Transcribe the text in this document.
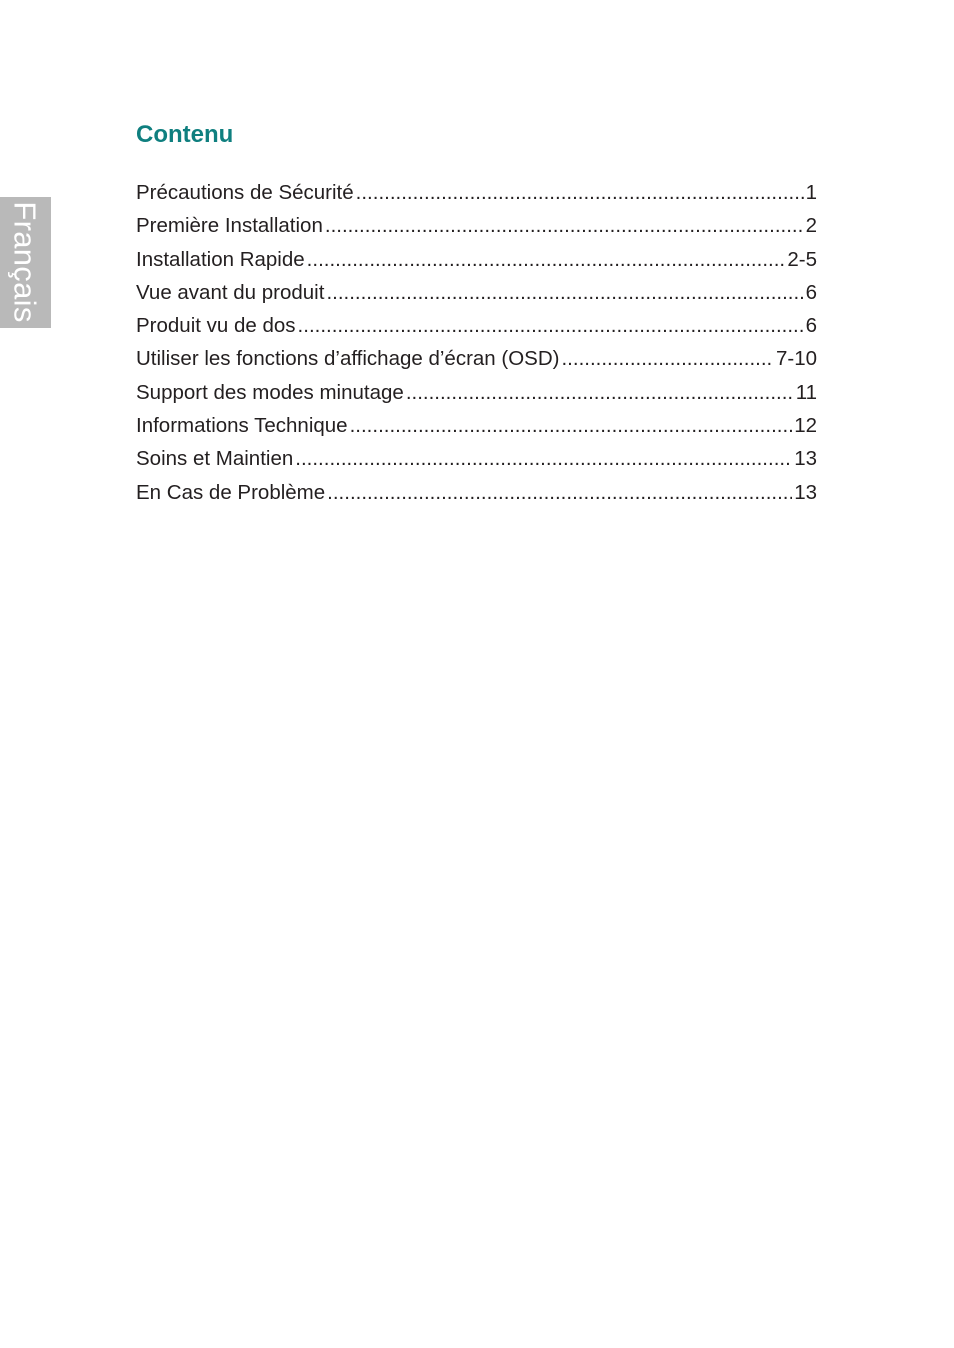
Français
Contenu
Précautions de Sécurité .....	1
Première Installation .....	2
Installation Rapide .....	2-5
Vue avant du produit .....	6
Produit vu de dos .....	6
Utiliser les fonctions d’affichage d’écran (OSD) .....	7-10
Support des modes minutage .....	11
Informations Technique .....	12
Soins et Maintien .....	13
En Cas de Problème .....	13
